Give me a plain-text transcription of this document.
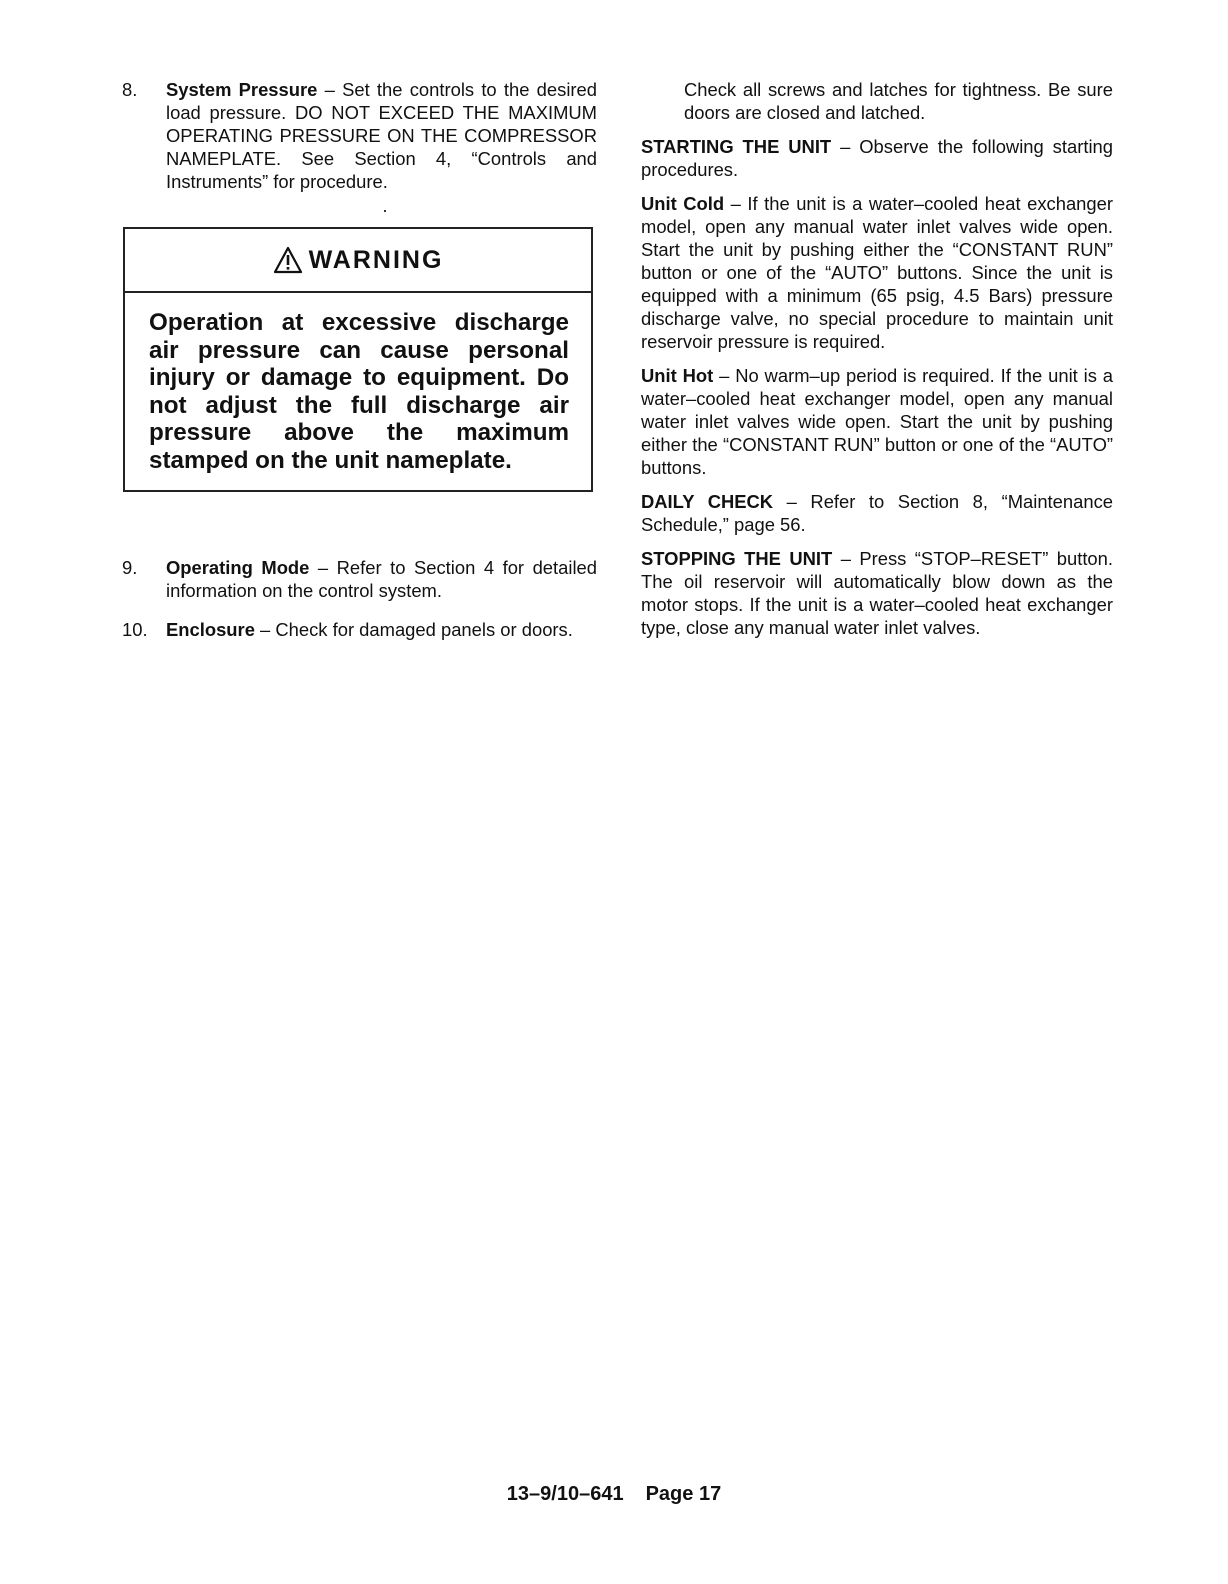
8.	System Pressure – Set the controls to the desired load pressure. DO NOT EXCEED THE MAXIMUM OPERATING PRESSURE ON THE COMPRESSOR NAMEPLATE. See Section 4, “Controls and Instruments” for procedure.

WARNING

Operation at excessive discharge air pressure can cause personal injury or damage to equipment. Do not adjust the full discharge air pressure above the maximum stamped on the unit nameplate.

9.	Operating Mode – Refer to Section 4 for detailed information on the control system.

10.	Enclosure – Check for damaged panels or doors.

Check all screws and latches for tightness. Be sure doors are closed and latched.

STARTING THE UNIT – Observe the following starting procedures.

Unit Cold – If the unit is a water–cooled heat exchanger model, open any manual water inlet valves wide open. Start the unit by pushing either the “CONSTANT RUN” button or one of the “AUTO” buttons. Since the unit is equipped with a minimum (65 psig, 4.5 Bars) pressure discharge valve, no special procedure to maintain unit reservoir pressure is required.

Unit Hot – No warm–up period is required. If the unit is a water–cooled heat exchanger model, open any manual water inlet valves wide open. Start the unit by pushing either the “CONSTANT RUN” button or one of the “AUTO” buttons.

DAILY CHECK – Refer to Section 8, “Maintenance Schedule,” page 56.

STOPPING THE UNIT – Press “STOP–RESET” button. The oil reservoir will automatically blow down as the motor stops. If the unit is a water–cooled heat exchanger type, close any manual water inlet valves.

13–9/10–641 Page 17
